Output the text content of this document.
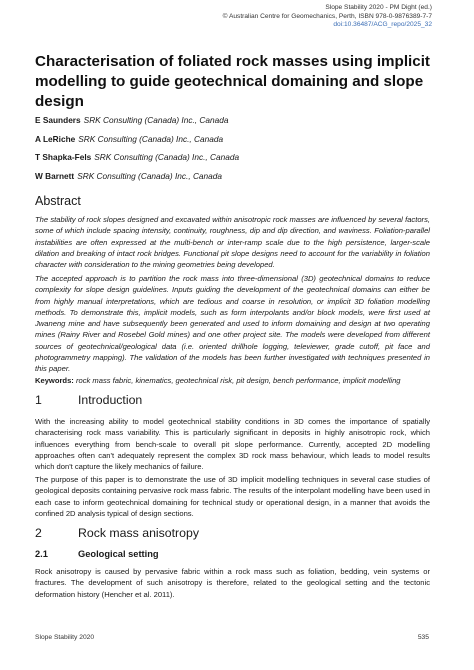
Slope Stability 2020 - PM Dight (ed.)
© Australian Centre for Geomechanics, Perth, ISBN 978-0-9876389-7-7
doi:10.36487/ACG_repo/2025_32
Characterisation of foliated rock masses using implicit modelling to guide geotechnical domaining and slope design
E Saunders SRK Consulting (Canada) Inc., Canada
A LeRiche SRK Consulting (Canada) Inc., Canada
T Shapka-Fels SRK Consulting (Canada) Inc., Canada
W Barnett SRK Consulting (Canada) Inc., Canada
Abstract

The stability of rock slopes designed and excavated within anisotropic rock masses are influenced by several factors, some of which include spacing intensity, continuity, roughness, dip and dip direction, and waviness. Foliation-parallel instabilities are often expressed at the multi-bench or inter-ramp scale due to the high persistence, larger-scale dilation and breaking of intact rock bridges. Functional pit slope designs need to account for the variability in foliation character with consideration to the mining geometries being developed.

The accepted approach is to partition the rock mass into three-dimensional (3D) geotechnical domains to reduce complexity for slope design guidelines. Inputs guiding the development of the geotechnical domains can either be from highly manual interpretations, which are tedious and coarse in resolution, or implicit 3D foliation modelling methods. To demonstrate this, implicit models, such as form interpolants and/or block models, were first used at Jwaneng mine and have subsequently been generated and used to inform domaining and design at two operating mines (Rainy River and Rosebel Gold mines) and one other project site. The models were developed from different sources of geotechnical/geological data (i.e. oriented drillhole logging, televiewer, grade cutoff, pit face and photogrammetry mapping). The validation of the models has been further investigated with techniques presented in this paper.

Keywords: rock mass fabric, kinematics, geotechnical risk, pit design, bench performance, implicit modelling

1	Introduction

With the increasing ability to model geotechnical stability conditions in 3D comes the importance of spatially characterising rock mass variability. This is particularly significant in deposits in highly anisotropic rock, which influences everything from bench-scale to overall pit slope performance. Currently, accepted 2D modelling approaches often can't adequately represent the complex 3D rock mass behaviour, which leads to model results which don't capture the likely mechanics of failure.

The purpose of this paper is to demonstrate the use of 3D implicit modelling techniques in several case studies of geological deposits containing pervasive rock mass fabric. The results of the interpolant modelling have been used in each case to inform geotechnical domaining for technical study or operational design, in a manner that avoids the confined 2D analysis typical of design sections.

2	Rock mass anisotropy
2.1	Geological setting

Rock anisotropy is caused by pervasive fabric within a rock mass such as foliation, bedding, vein systems or fractures. The development of such anisotropy is therefore, related to the geological setting and the tectonic deformation history (Hencher et al. 2011).

Slope Stability 2020	535
